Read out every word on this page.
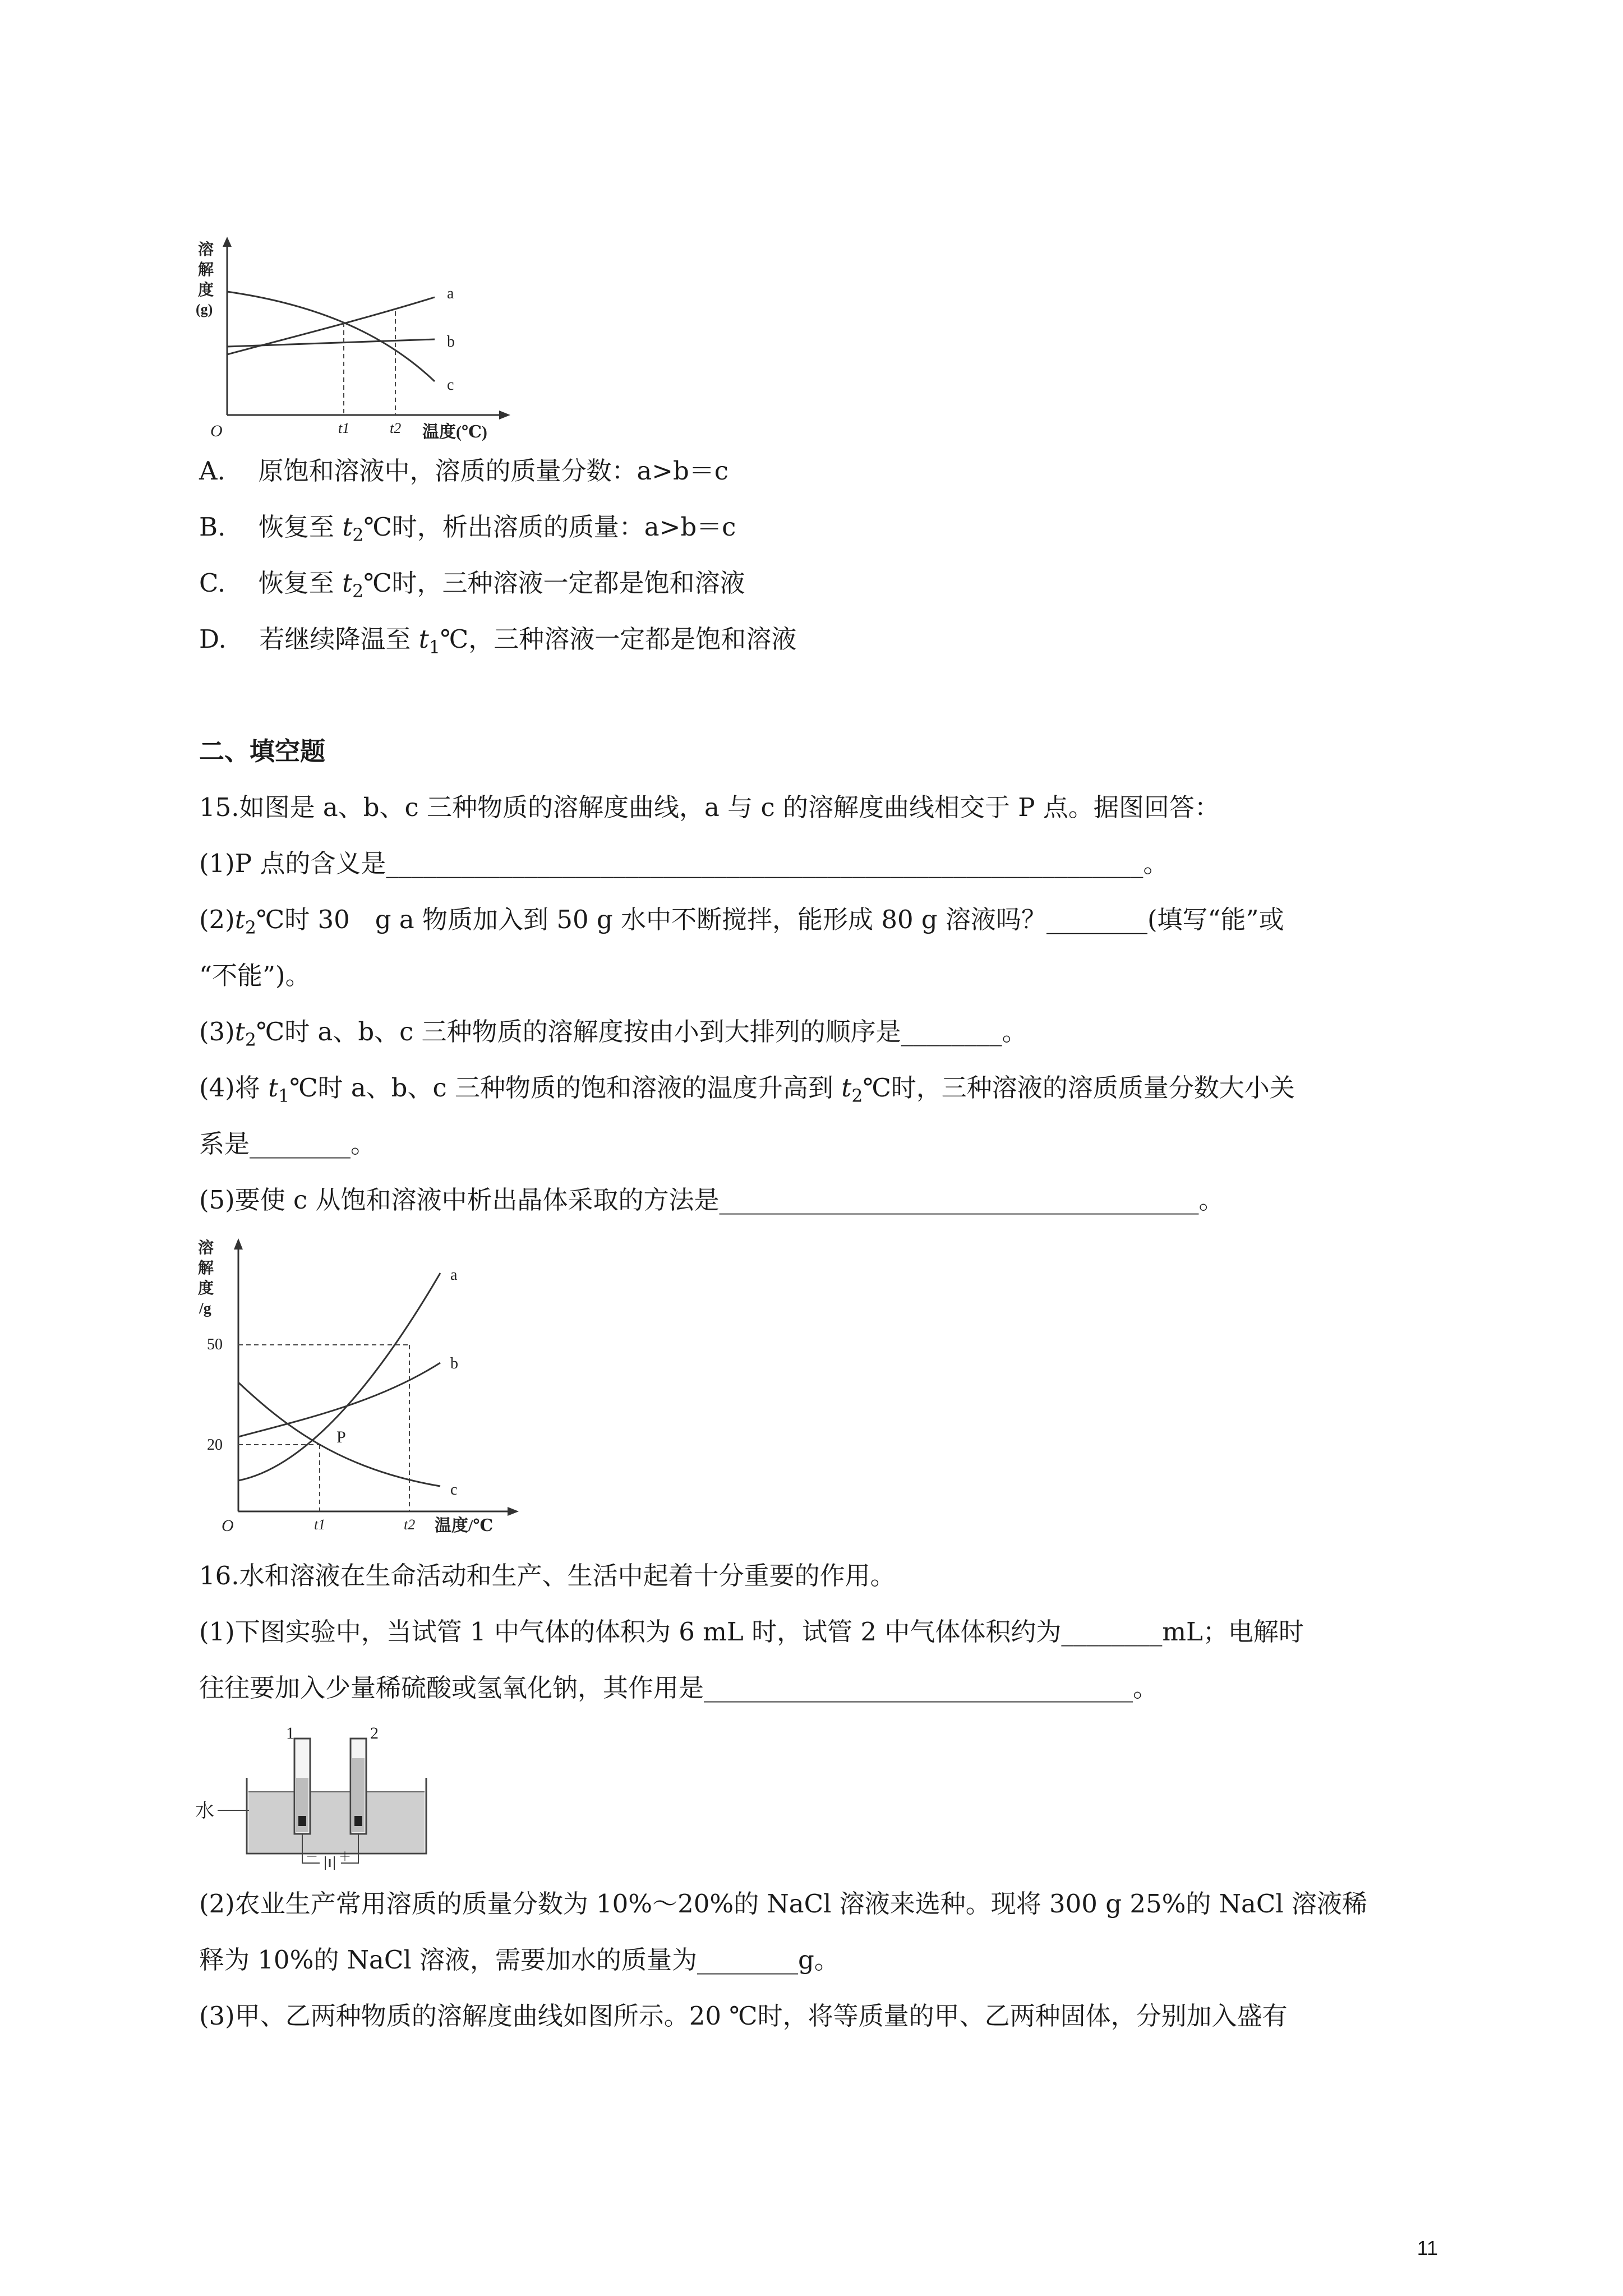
溶
解
度
(g)
O
a
b
c
t1	t2 温度(℃)
A. 原饱和溶液中，溶质的质量分数：a>b＝c
B. 恢复至 $t_2℃$时，析出溶质的质量：a>b＝c
C. 恢复至 $t_2℃$时，三种溶液一定都是饱和溶液
D. 若继续降温至 $t_1℃$，三种溶液一定都是饱和溶液
二、填空题
15.如图是 a、b、c 三种物质的溶解度曲线，a 与 c 的溶解度曲线相交于 P 点。据图回答：
(1)P 点的含义是____________________________________________________________。
$(2)t_2℃$时 30　g a 物质加入到 50 g 水中不断搅拌，能形成 80 g 溶液吗？________(填写“能”或
“不能”)。
$(3)t_2℃$时 a、b、c 三种物质的溶解度按由小到大排列的顺序是________。
(4)将 $t_1℃$时 a、b、c 三种物质的饱和溶液的温度升高到 $t_2℃$时，三种溶液的溶质质量分数大小关
系是________。
(5)要使 c 从饱和溶液中析出晶体采取的方法是______________________________________。
溶
解
度
/g
50
20
O
a
b
c
P
t1	t2 温度/℃
16.水和溶液在生命活动和生产、生活中起着十分重要的作用。
(1)下图实验中，当试管 1 中气体的体积为 6 mL 时，试管 2 中气体体积约为________mL；电解时
往往要加入少量稀硫酸或氢氧化钠，其作用是__________________________________。
1	2
水
－ ＋
(2)农业生产常用溶质的质量分数为 10%～20%的 NaCl 溶液来选种。现将 300 g 25%的 NaCl 溶液稀
释为 10%的 NaCl 溶液，需要加水的质量为________g。
(3)甲、乙两种物质的溶解度曲线如图所示。20 ℃时，将等质量的甲、乙两种固体，分别加入盛有
11
